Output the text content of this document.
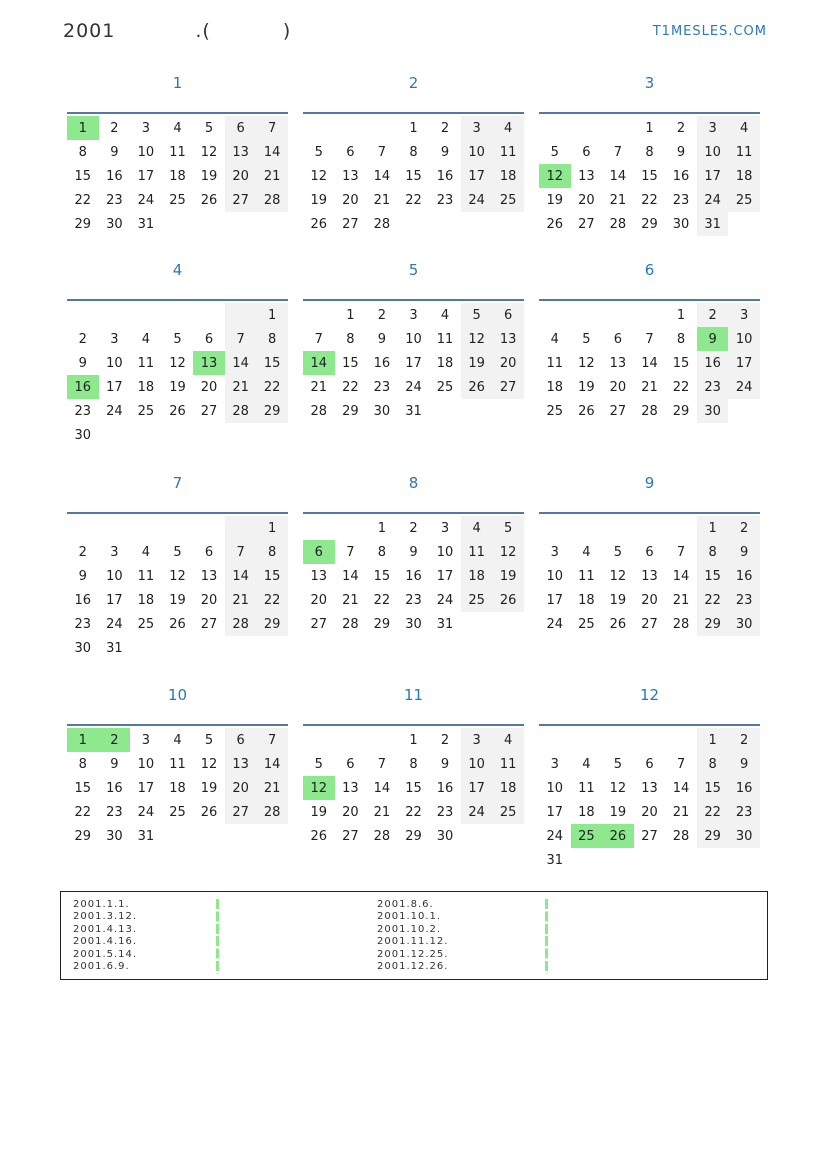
2001	.(	)	T1MESLES.COM
1
1	2	3	4	5	6	7
8	9	10	11	12	13	14
15	16	17	18	19	20	21
22	23	24	25	26	27	28
29	30	31				
2
			1	2	3	4
5	6	7	8	9	10	11
12	13	14	15	16	17	18
19	20	21	22	23	24	25
26	27	28				
3
			1	2	3	4
5	6	7	8	9	10	11
12	13	14	15	16	17	18
19	20	21	22	23	24	25
26	27	28	29	30	31	
4
						1
2	3	4	5	6	7	8
9	10	11	12	13	14	15
16	17	18	19	20	21	22
23	24	25	26	27	28	29
30						
5
	1	2	3	4	5	6
7	8	9	10	11	12	13
14	15	16	17	18	19	20
21	22	23	24	25	26	27
28	29	30	31			
6
				1	2	3
4	5	6	7	8	9	10
11	12	13	14	15	16	17
18	19	20	21	22	23	24
25	26	27	28	29	30	
7
						1
2	3	4	5	6	7	8
9	10	11	12	13	14	15
16	17	18	19	20	21	22
23	24	25	26	27	28	29
30	31					
8
		1	2	3	4	5
6	7	8	9	10	11	12
13	14	15	16	17	18	19
20	21	22	23	24	25	26
27	28	29	30	31		
9
					1	2
3	4	5	6	7	8	9
10	11	12	13	14	15	16
17	18	19	20	21	22	23
24	25	26	27	28	29	30
10
1	2	3	4	5	6	7
8	9	10	11	12	13	14
15	16	17	18	19	20	21
22	23	24	25	26	27	28
29	30	31				
11
			1	2	3	4
5	6	7	8	9	10	11
12	13	14	15	16	17	18
19	20	21	22	23	24	25
26	27	28	29	30		
12
					1	2
3	4	5	6	7	8	9
10	11	12	13	14	15	16
17	18	19	20	21	22	23
24	25	26	27	28	29	30
31						
2001.1.1.
2001.3.12.
2001.4.13.
2001.4.16.
2001.5.14.
2001.6.9.
2001.8.6.
2001.10.1.
2001.10.2.
2001.11.12.
2001.12.25.
2001.12.26.
